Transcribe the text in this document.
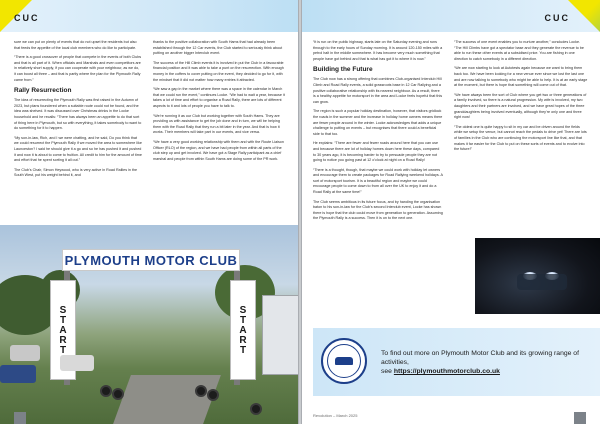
CUC

sure we can put on plenty of events that do not upset the residents but also that feeds the appetite of the local club members who do like to participate.

“There is a good crossover of people that compete in the events of both Clubs and that is all part of it. When officials and Marshals and even competitors are in relatively short supply, if you can cooperate with your neighbour, as we do, it can boost all three – and that is partly where the plan for the Plymouth Rally came from.”

Rally Resurrection

The idea of resurrecting the Plymouth Rally was first raised in the Autumn of 2023, but plans foundered when a suitable route could not be found, and the idea was shelved. It was discussed over Christmas drinks in the Locke household and he recalls: “There has always been an appetite to do that sort of thing here in Plymouth, but so with everything, it takes somebody to want to do something for it to happen.

“My son-in-law, Rich, and I we were chatting, and he said, Do you think that we could resurrect the Plymouth Rally if we moved the area to somewhere like Launceston? I said he should give it a go and so he has pushed it and pushed it and now it is about to come to fruition. All credit to him for the amount of time and effort that he spent sorting it all out.”

The Club’s Chair, Simon Heywood, who is very active in Road Rallies in the South West, put his weight behind it, and

thanks to the positive collaboration with South Hams that had already been established through the 12 Car events, the Club started to seriously think about putting on another bigger Interclub event.

The success of the Hill Climb events it is involved in put the Club in a favourable financial position and it was able to take a punt on the resurrection. With enough money in the coffers to cover putting on the event, they decided to go for it, with the mindset that it did not matter how many entries it attracted.

“We saw a gap in the market where there was a space in the calendar in March that we could run the event,” continues Locke. “We had to wait a year, because it takes a lot of time and effort to organise a Road Rally, there are lots of different aspects to it and lots of people you have to talk to.

“We’re running it as our Club but working together with South Hams. They are providing us with assistance to get the job done and in turn, we will be helping them with the Road Rally that they run a bit later in the year. And that is how it works. Their members will take part in our events, and vice versa.

“We have a very good working relationship with them and with the Route Liaison Officer (RLO) of the region, and we have had people from within all parts of the club step up and get involved. We have got a Stage Rally participant as a chief marshal and people from within South Hams are doing some of the PR work.

PLYMOUTH MOTOR CLUB
START	START
CUC

“It is run on the public highway, starts late on the Saturday evening and runs through to the early hours of Sunday morning. It is around 120-150 miles with a petrol halt in the middle somewhere. It has become very much something that people have got behind and that is what has got it to where it is now.”

Building the Future

The Club now has a strong offering that combines Club-organised Interclub Hill Climb and Road Rally events, a solid grassroots base in 12 Car Rallying and a positive collaborative relationship with its nearest neighbour. As a result, there is a healthy appetite for motorsport in the area and Locke feels hopeful that this can grow.

The region is such a popular holiday destination, however, that visitors gridlock the roads in the summer and the increase in holiday home owners means there are fewer people around in the winter. Locke acknowledges that adds a unique challenge to putting on events – but recognises that there could a beneficial side to that too.

He explains: “There are fewer and fewer roads around here that you can use and because there are lot of holiday homes down here these days, compared to 30 years ago, it is becoming harder to try to persuade people they are not going to notice you going past at 12 o’clock at night on a Road Rally!

“There is a thought, though, that maybe we could work with holiday let owners and encourage them to create packages for Road Rallying weekend holidays. A sort of motorsport tourism. It is a beautiful region and maybe we could encourage people to come down to from all over the UK to enjoy it and do a Road Rally at the same time!”

The Club seems ambitious in its future focus, and by handing the organisation baton to his son-in-law for the Club’s second Interclub event, Locke has shown there is hope that the club could move from generation to generation. Assuming the Plymouth Rally is a success. Then it is on to the next one.

“The success of one event enables you to nurture another,” concludes Locke. “The Hill Climbs have got a spectator base and they generate the revenue to be able to run these other events at a subsidised price. You are fishing in one direction to catch somebody in a different direction.

“We are now starting to look at Autotests again because we want to bring them back too. We have been looking for a new venue ever since we lost the last one and are now talking to somebody who might be able to help. It is at an early stage at the moment, but there is hope that something will come out of that.

“We have always been the sort of Club where you get two or three generations of a family involved, so there is a natural progression. My wife is involved, my two daughters and their partners are involved, and we have great hopes of the three granddaughters being involved eventually, although they’re only one and three right now!

“The oldest one is quite happy to sit in my car and be driven around the fields while we setup the venue, but cannot reach the pedals to drive yet! There are lots of families in the Club who are continuing the motorsport line like that, and that makes it far easier for the Club to put on these sorts of events and to evolve into the future!”

To find out more on Plymouth Motor Club and its growing range of activities,
see https://plymouthmotorclub.co.uk
Revolution – March 2025
